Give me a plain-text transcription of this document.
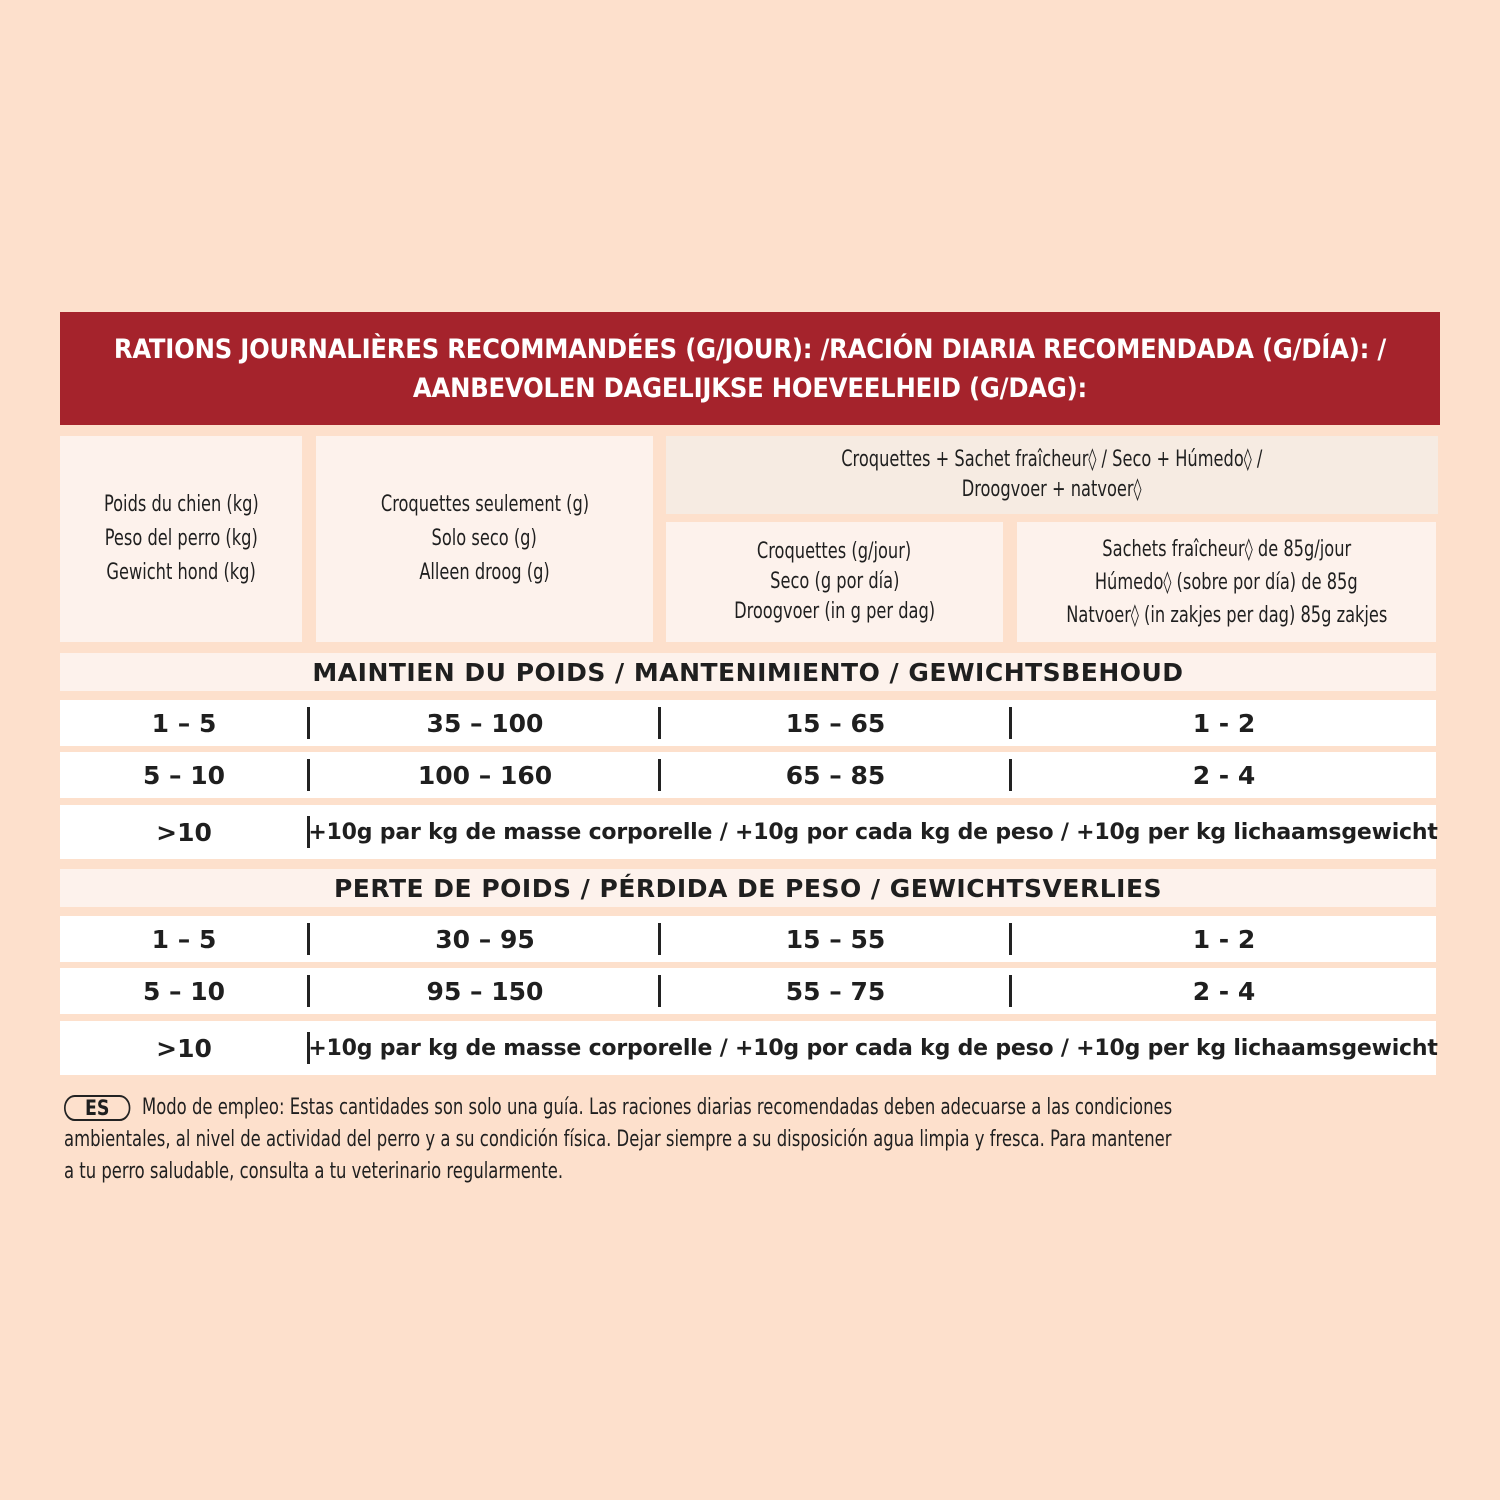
RATIONS JOURNALIÈRES RECOMMANDÉES (G/JOUR): /RACIÓN DIARIA RECOMENDADA (G/DÍA): /
AANBEVOLEN DAGELIJKSE HOEVEELHEID (G/DAG):
Poids du chien (kg)
Peso del perro (kg)
Gewicht hond (kg)
Croquettes seulement (g)
Solo seco (g)
Alleen droog (g)
Croquettes + Sachet fraîcheur◊ / Seco + Húmedo◊ /
Droogvoer + natvoer◊
Croquettes (g/jour)
Seco (g por día)
Droogvoer (in g per dag)
Sachets fraîcheur◊ de 85g/jour
Húmedo◊ (sobre por día) de 85g
Natvoer◊ (in zakjes per dag) 85g zakjes
MAINTIEN DU POIDS / MANTENIMIENTO / GEWICHTSBEHOUD
1 – 5	35 – 100	15 – 65	1 - 2
5 – 10	100 – 160	65 – 85	2 - 4
>10	+10g par kg de masse corporelle / +10g por cada kg de peso / +10g per kg lichaamsgewicht
PERTE DE POIDS / PÉRDIDA DE PESO / GEWICHTSVERLIES
1 – 5	30 – 95	15 – 55	1 - 2
5 – 10	95 – 150	55 – 75	2 - 4
>10	+10g par kg de masse corporelle / +10g por cada kg de peso / +10g per kg lichaamsgewicht
ES Modo de empleo: Estas cantidades son solo una guía. Las raciones diarias recomendadas deben adecuarse a las condiciones
ambientales, al nivel de actividad del perro y a su condición física. Dejar siempre a su disposición agua limpia y fresca. Para mantener
a tu perro saludable, consulta a tu veterinario regularmente.
